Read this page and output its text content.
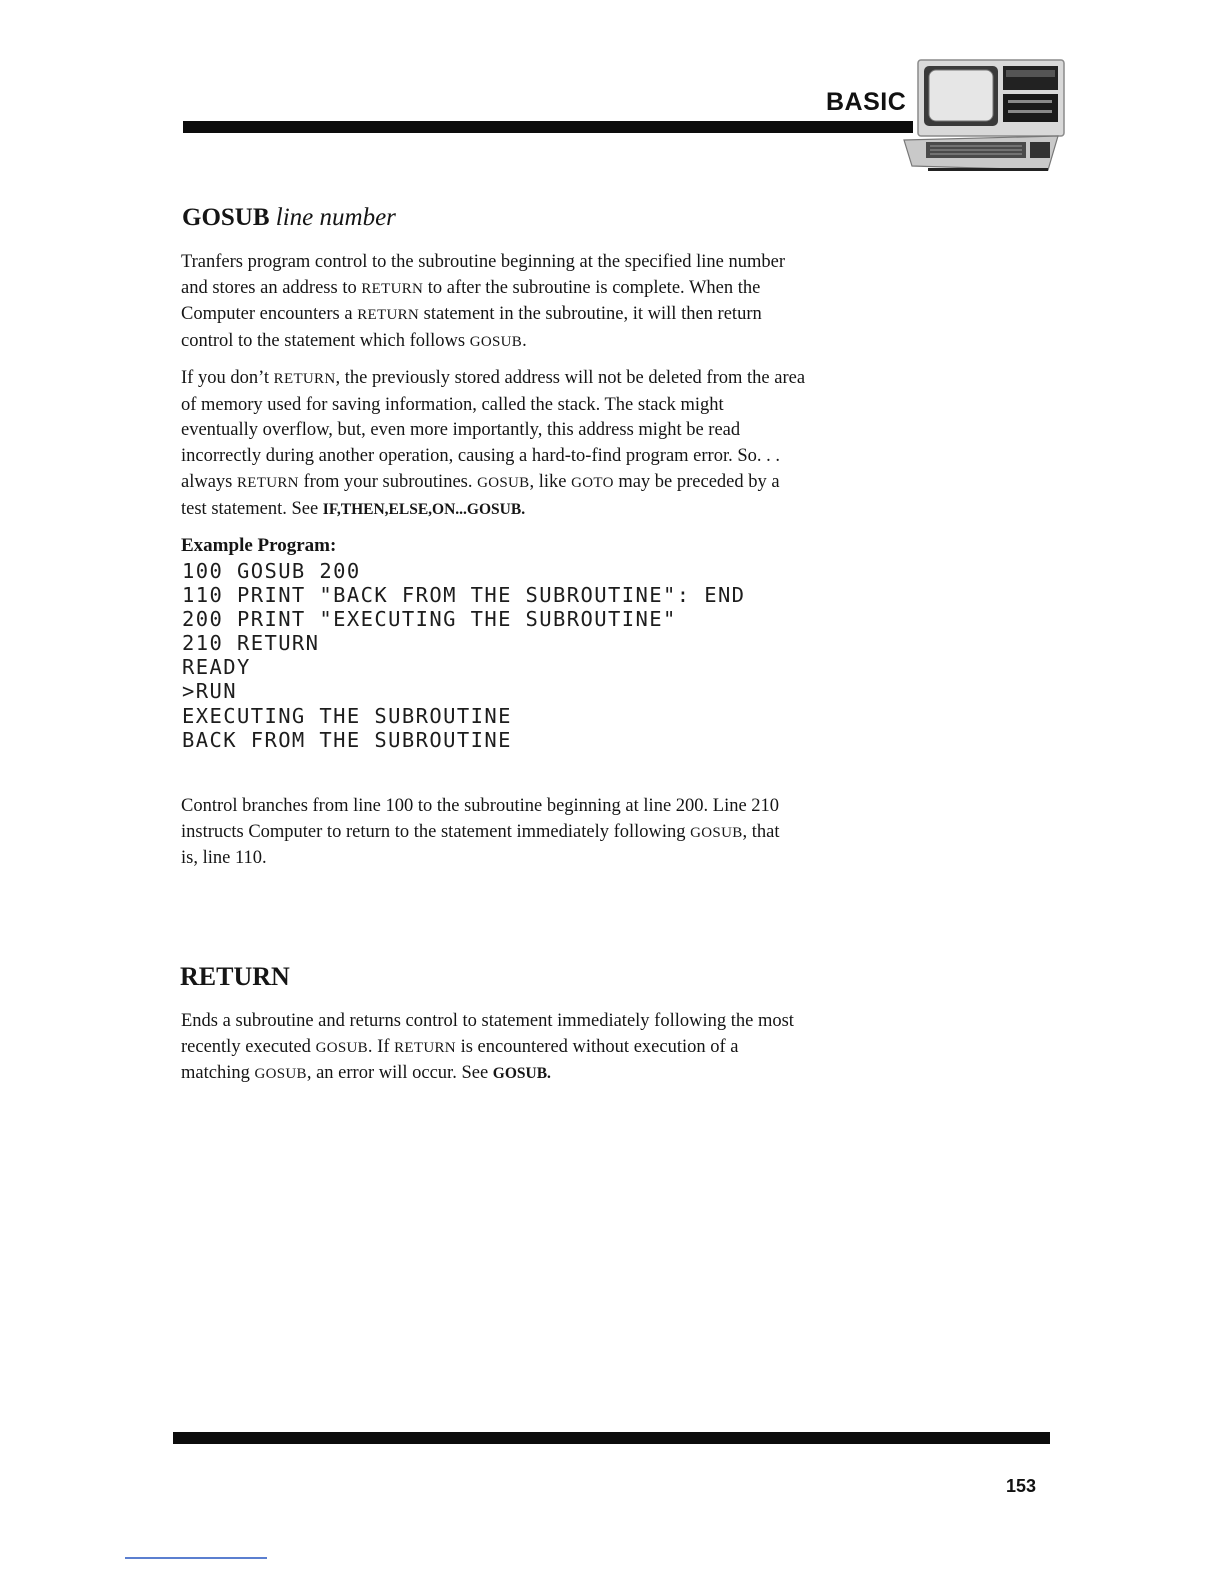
BASIC
GOSUB line number

Tranfers program control to the subroutine beginning at the specified line number
and stores an address to RETURN to after the subroutine is complete. When the
Computer encounters a RETURN statement in the subroutine, it will then return
control to the statement which follows GOSUB.

If you don’t RETURN, the previously stored address will not be deleted from the area
of memory used for saving information, called the stack. The stack might
eventually overflow, but, even more importantly, this address might be read
incorrectly during another operation, causing a hard-to-find program error. So. . .
always RETURN from your subroutines. GOSUB, like GOTO may be preceded by a
test statement. See IF,THEN,ELSE,ON...GOSUB.

Example Program:
100 GOSUB 200
110 PRINT "BACK FROM THE SUBROUTINE": END
200 PRINT "EXECUTING THE SUBROUTINE"
210 RETURN
READY
>RUN
EXECUTING THE SUBROUTINE
BACK FROM THE SUBROUTINE

Control branches from line 100 to the subroutine beginning at line 200. Line 210
instructs Computer to return to the statement immediately following GOSUB, that
is, line 110.

RETURN

Ends a subroutine and returns control to statement immediately following the most
recently executed GOSUB. If RETURN is encountered without execution of a
matching GOSUB, an error will occur. See GOSUB.

153
